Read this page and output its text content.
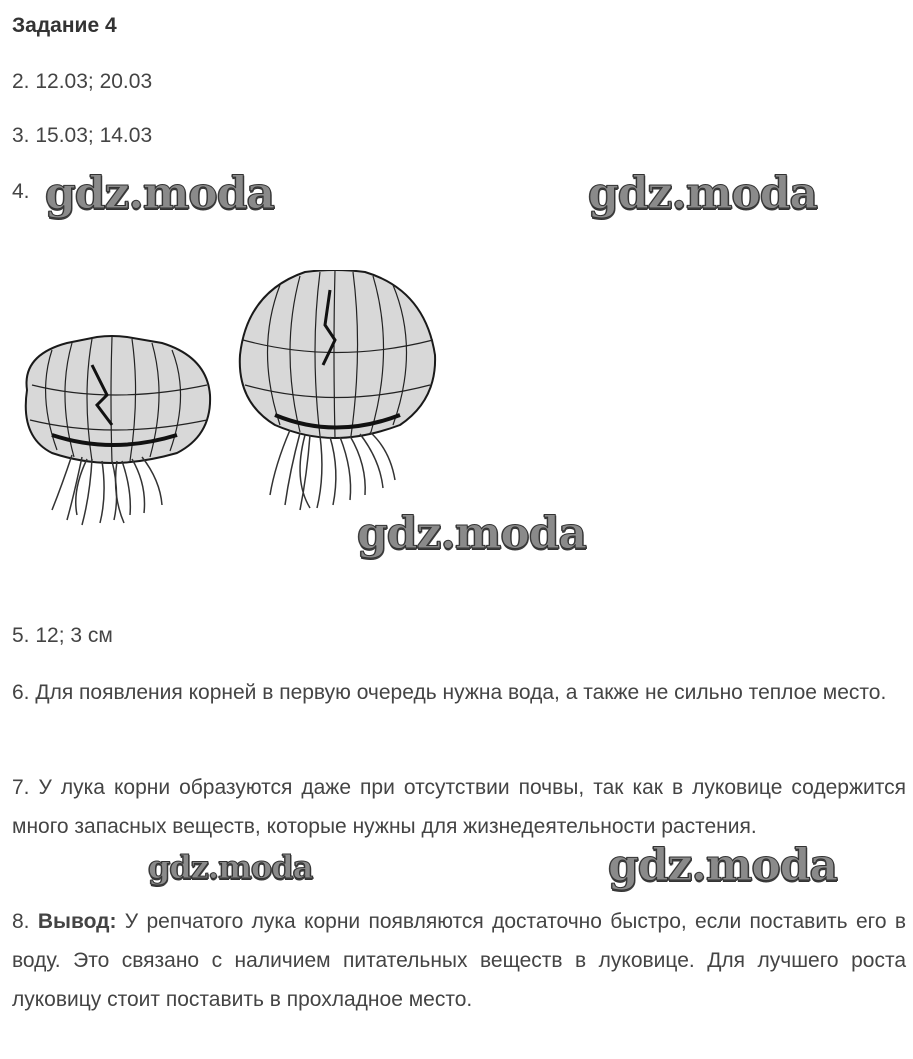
Задание 4
2. 12.03; 20.03
3. 15.03; 14.03
4. gdz.moda	gdz.moda
gdz.moda
5. 12; 3 см
6. Для появления корней в первую очередь нужна вода, а также не сильно теплое место.
7. У лука корни образуются даже при отсутствии почвы, так как в луковице содержится много запасных веществ, которые нужны для жизнедеятельности растения.
gdz.moda	gdz.moda
8. Вывод: У репчатого лука корни появляются достаточно быстро, если поставить его в воду. Это связано с наличием питательных веществ в луковице. Для лучшего роста луковицу стоит поставить в прохладное место.
